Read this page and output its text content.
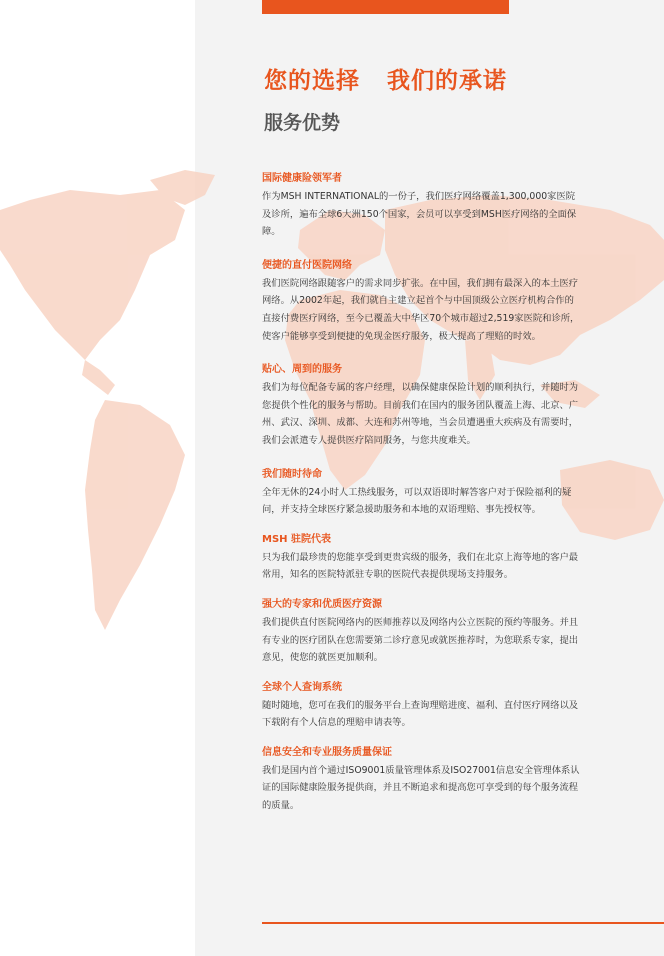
您的选择   我们的承诺
服务优势

国际健康险领军者

作为MSH INTERNATIONAL的一份子，我们医疗网络覆盖1,300,000家医院及诊所，遍布全球6大洲150个国家，会员可以享受到MSH医疗网络的全面保障。

便捷的直付医院网络

我们医院网络跟随客户的需求同步扩张。在中国，我们拥有最深入的本土医疗网络。从2002年起，我们就自主建立起首个与中国顶级公立医疗机构合作的直接付费医疗网络，至今已覆盖大中华区70个城市超过2,519家医院和诊所，使客户能够享受到便捷的免现金医疗服务，极大提高了理赔的时效。

贴心、周到的服务

我们为每位配备专属的客户经理，以确保健康保险计划的顺利执行，并随时为您提供个性化的服务与帮助。目前我们在国内的服务团队覆盖上海、北京、广州、武汉、深圳、成都、大连和苏州等地，当会员遭遇重大疾病及有需要时，我们会派遣专人提供医疗陪同服务，与您共度难关。

我们随时待命

全年无休的24小时人工热线服务，可以双语即时解答客户对于保险福利的疑问，并支持全球医疗紧急援助服务和本地的双语理赔、事先授权等。

MSH 驻院代表

只为我们最珍贵的您能享受到更贵宾级的服务，我们在北京上海等地的客户最常用，知名的医院特派驻专职的医院代表提供现场支持服务。

强大的专家和优质医疗资源

我们提供直付医院网络内的医师推荐以及网络内公立医院的预约等服务。并且有专业的医疗团队在您需要第二诊疗意见或就医推荐时，为您联系专家，提出意见，使您的就医更加顺利。

全球个人查询系统

随时随地，您可在我们的服务平台上查询理赔进度、福利、直付医疗网络以及下载附有个人信息的理赔申请表等。

信息安全和专业服务质量保证

我们是国内首个通过ISO9001质量管理体系及ISO27001信息安全管理体系认证的国际健康险服务提供商，并且不断追求和提高您可享受到的每个服务流程的质量。
